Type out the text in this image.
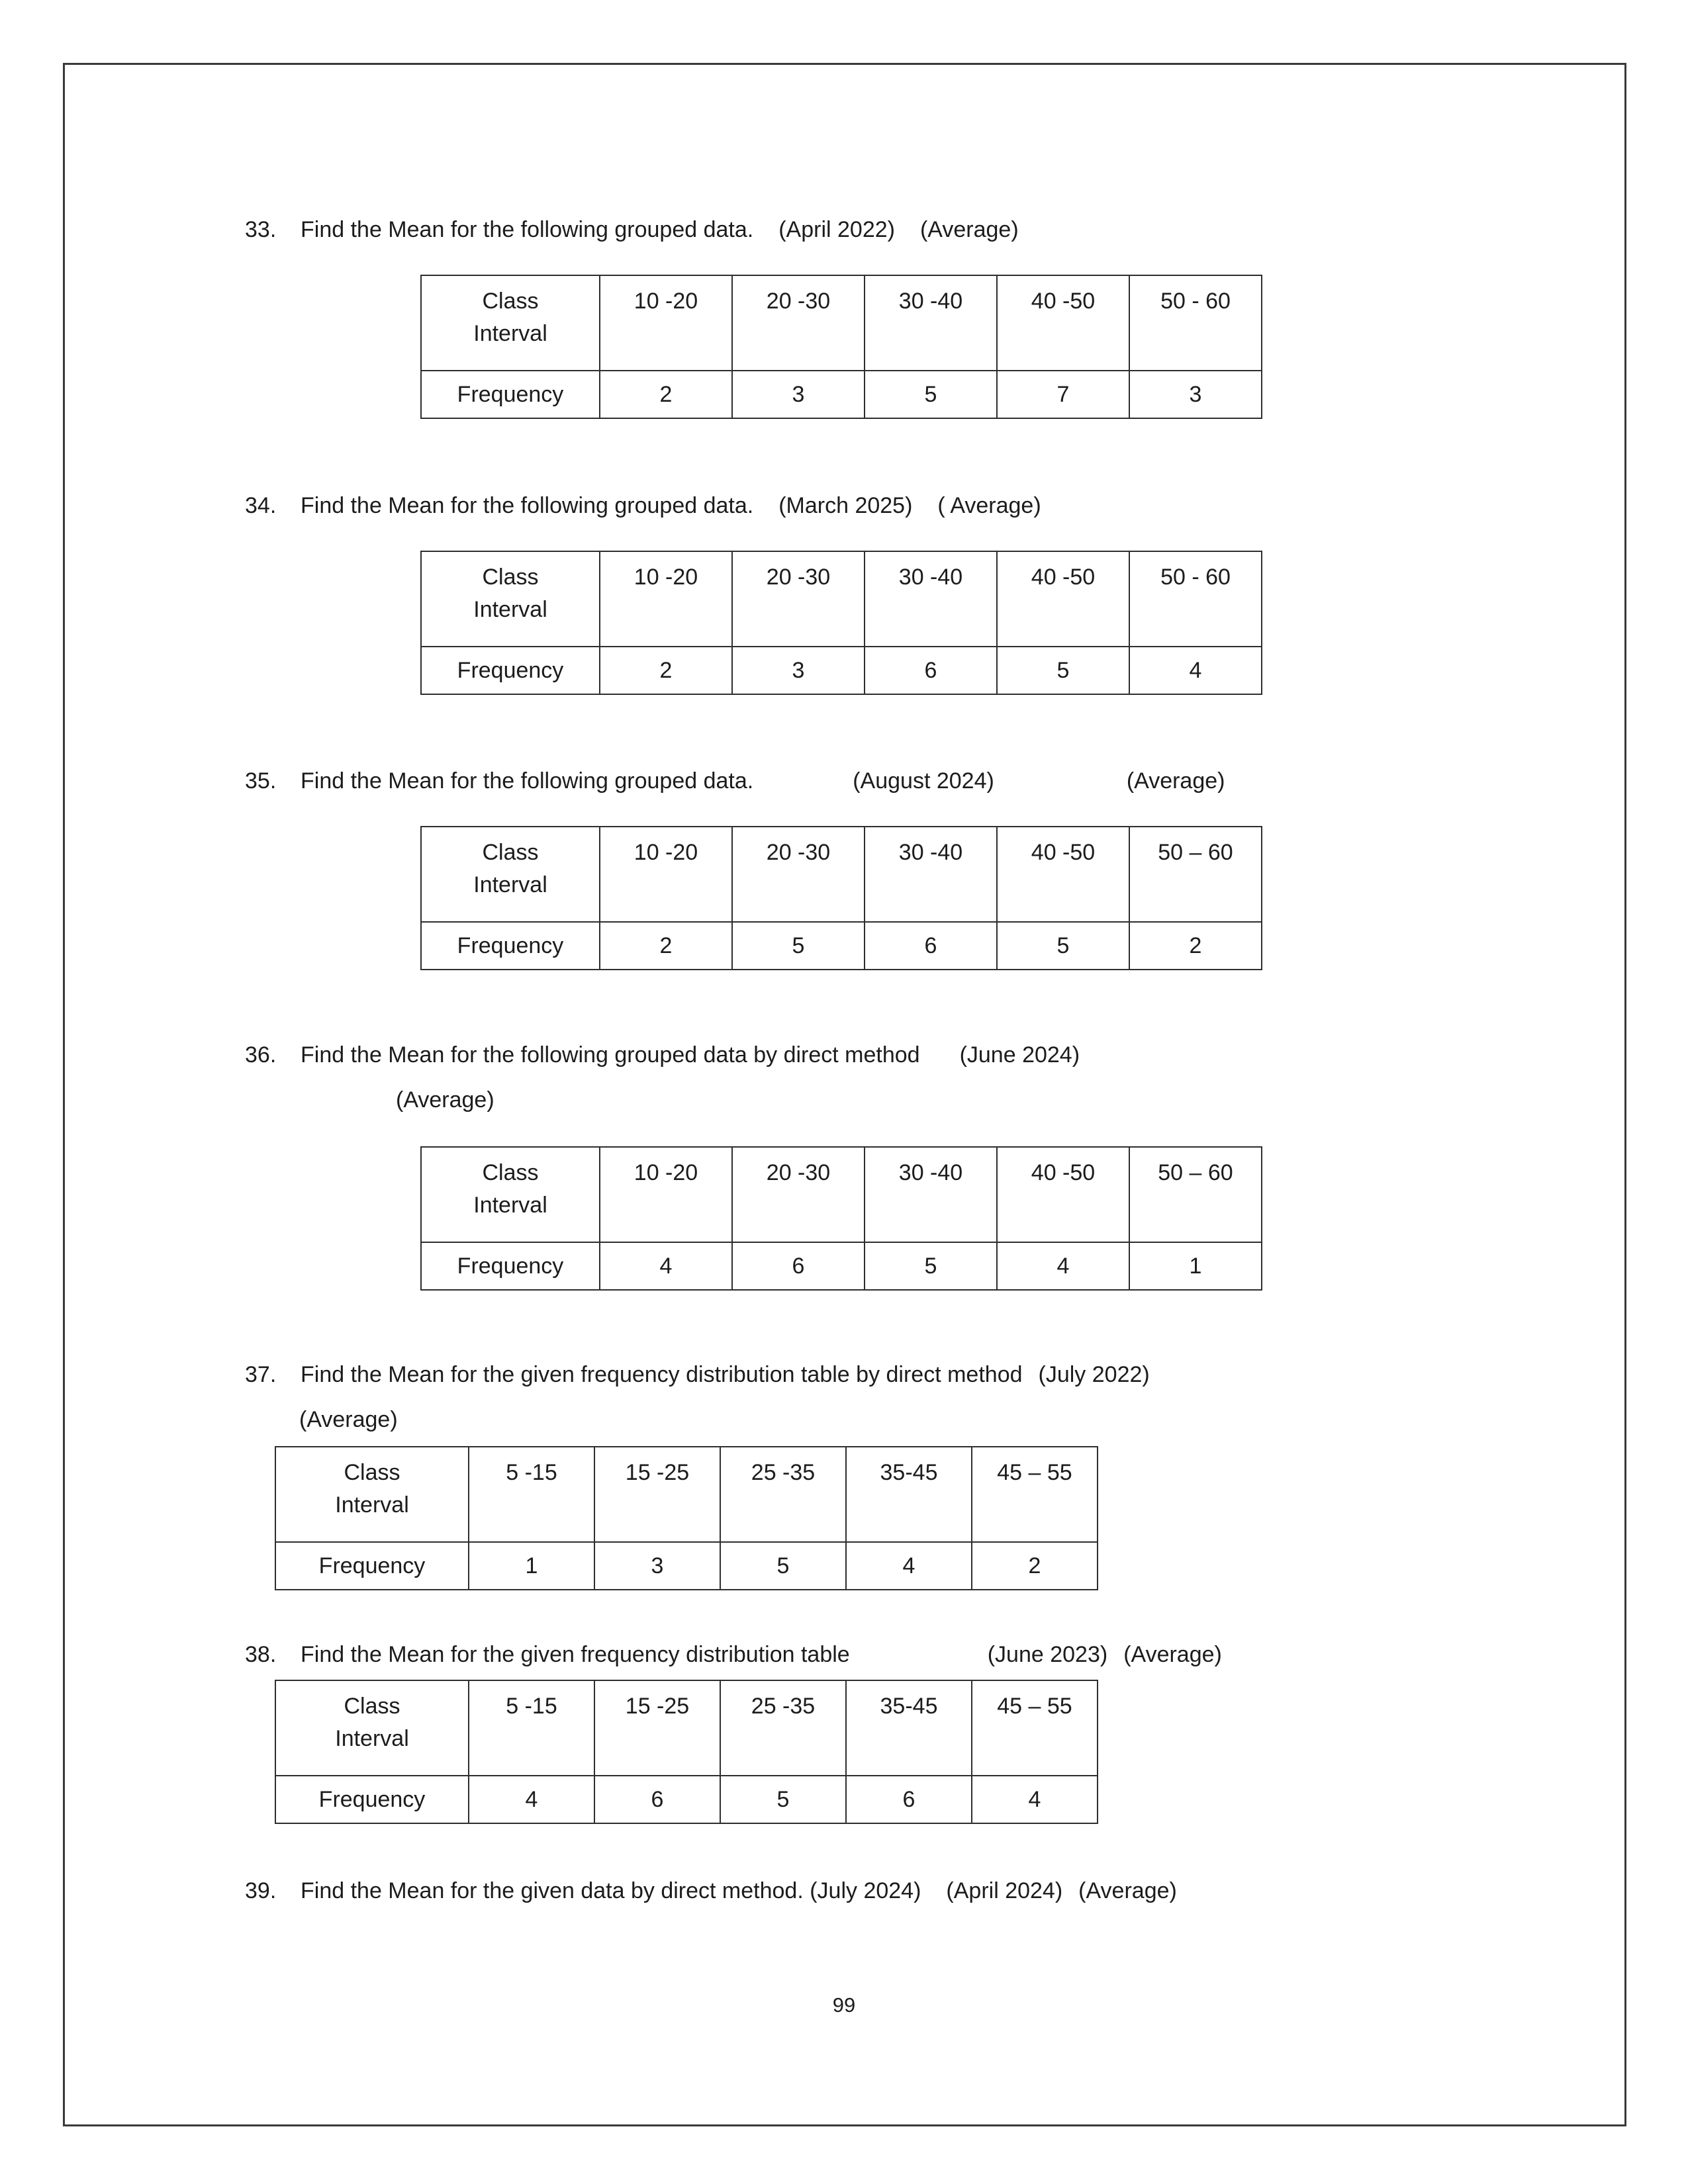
33.	Find the Mean for the following grouped data. (April 2022) (Average)
Class
Interval	10 -20	20 -30	30 -40	40 -50	50 - 60
Frequency	2	3	5	7	3
34.	Find the Mean for the following grouped data. (March 2025) ( Average)
Class
Interval	10 -20	20 -30	30 -40	40 -50	50 - 60
Frequency	2	3	6	5	4
35.	Find the Mean for the following grouped data.	(August 2024)	(Average)
Class
Interval	10 -20	20 -30	30 -40	40 -50	50 – 60
Frequency	2	5	6	5	2
36.	Find the Mean for the following grouped data by direct method (June 2024)
(Average)
Class
Interval	10 -20	20 -30	30 -40	40 -50	50 – 60
Frequency	4	6	5	4	1
37.	Find the Mean for the given frequency distribution table by direct method (July 2022)
(Average)
Class
Interval	5 -15	15 -25	25 -35	35-45	45 – 55
Frequency	1	3	5	4	2
38.	Find the Mean for the given frequency distribution table	(June 2023) (Average)
Class
Interval	5 -15	15 -25	25 -35	35-45	45 – 55
Frequency	4	6	5	6	4
39.	Find the Mean for the given data by direct method. (July 2024) (April 2024) (Average)
99
